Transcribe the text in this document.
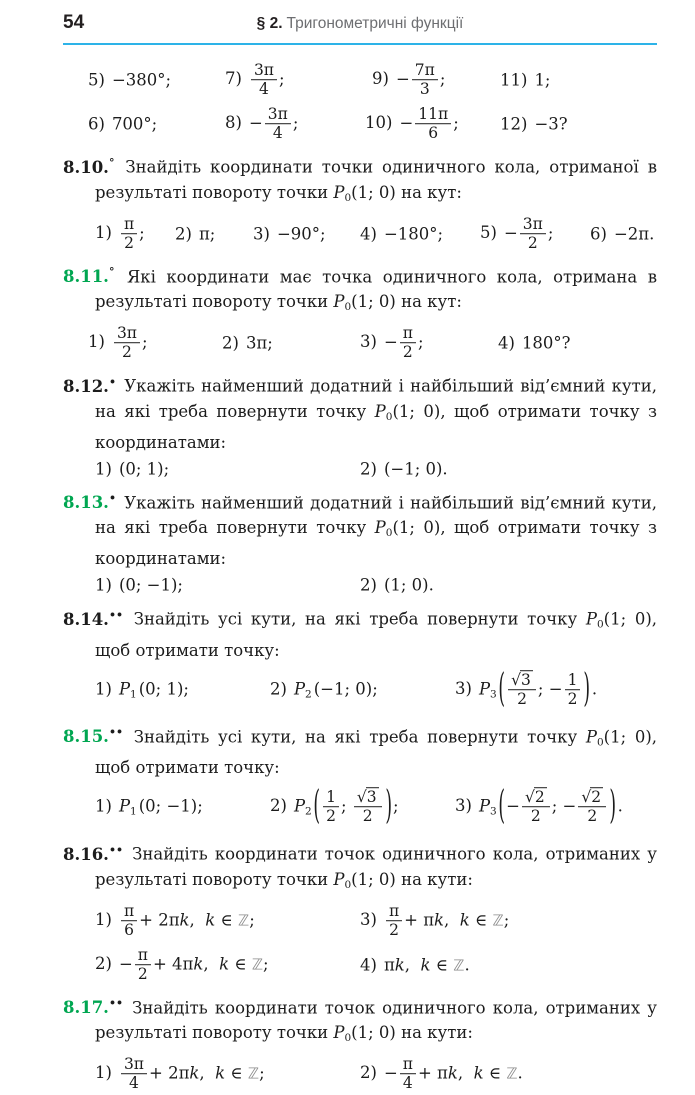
54	§ 2. Тригонометричні функції
5) −380°;	$7) \frac{3\pi}{4}$ ;	$9) - \frac{7\pi}{3}$ ;	11) 1;
6) 700°;	$8) - \frac{3\pi}{4}$ ;	$10) - \frac{11\pi}{6}$ ;	12) −3?

8.10.° Знайдіть координати точки одиничного кола, отриманої в результаті повороту точки $P_0(1$; 0) на кут:

$1) \frac{\pi}{2}$ ; 2) π; 3) −90°; 4) −180°; $5) - \frac{3\pi}{2}$ ; 6) −2π.

8.11.° Які координати має точка одиничного кола, отримана в результаті повороту точки $P_0(1$; 0) на кут:

$1) \frac{3\pi}{2}$ ;	2) 3π;	$3) - \frac{\pi}{2}$ ;	4) 180°?

8.12.• Укажіть найменший додатний і найбільший від’ємний кути, на які треба повернути точку $P_0(1$; 0), щоб отримати точку з координатами:

1) (0; 1);	2) (−1; 0).

8.13.• Укажіть найменший додатний і найбільший від’ємний кути, на які треба повернути точку $P_0(1$; 0), щоб отримати точку з координатами:

1) (0; −1);	2) (1; 0).

8.14.•• Знайдіть усі кути, на які треба повернути точку $P_0(1$; 0), щоб отримати точку:

1) $P_1$ (0; 1);	2) $P_2$ (−1; 0);	3) $P_3( \frac{√3}{2}$ ; − $\frac{1}{2}$ ).

8.15.•• Знайдіть усі кути, на які треба повернути точку $P_0(1$; 0), щоб отримати точку:

1) $P_1$ (0; −1);	2) $P_2( \frac{1}{2}$ ; $\frac{√3}{2}$ );	3) $P_3(- \frac{√2}{2}$ ; − $\frac{√2}{2}$ ).

8.16.•• Знайдіть координати точок одиничного кола, отриманих у результаті повороту точки $P_0(1$; 0) на кути:

$1) \frac{\pi}{6} + 2\pi k$,  k ∈ ℤ;	$3) \frac{\pi}{2} + \pi k$,  k ∈ ℤ;
$2) - \frac{\pi}{2} + 4\pi k$,  k ∈ ℤ;	4) πk,  k ∈ ℤ.

8.17.•• Знайдіть координати точок одиничного кола, отриманих у результаті повороту точки $P_0(1$; 0) на кути:

$1) \frac{3\pi}{4} + 2\pi k$,  k ∈ ℤ;	$2) - \frac{\pi}{4} + \pi k$,  k ∈ ℤ.
